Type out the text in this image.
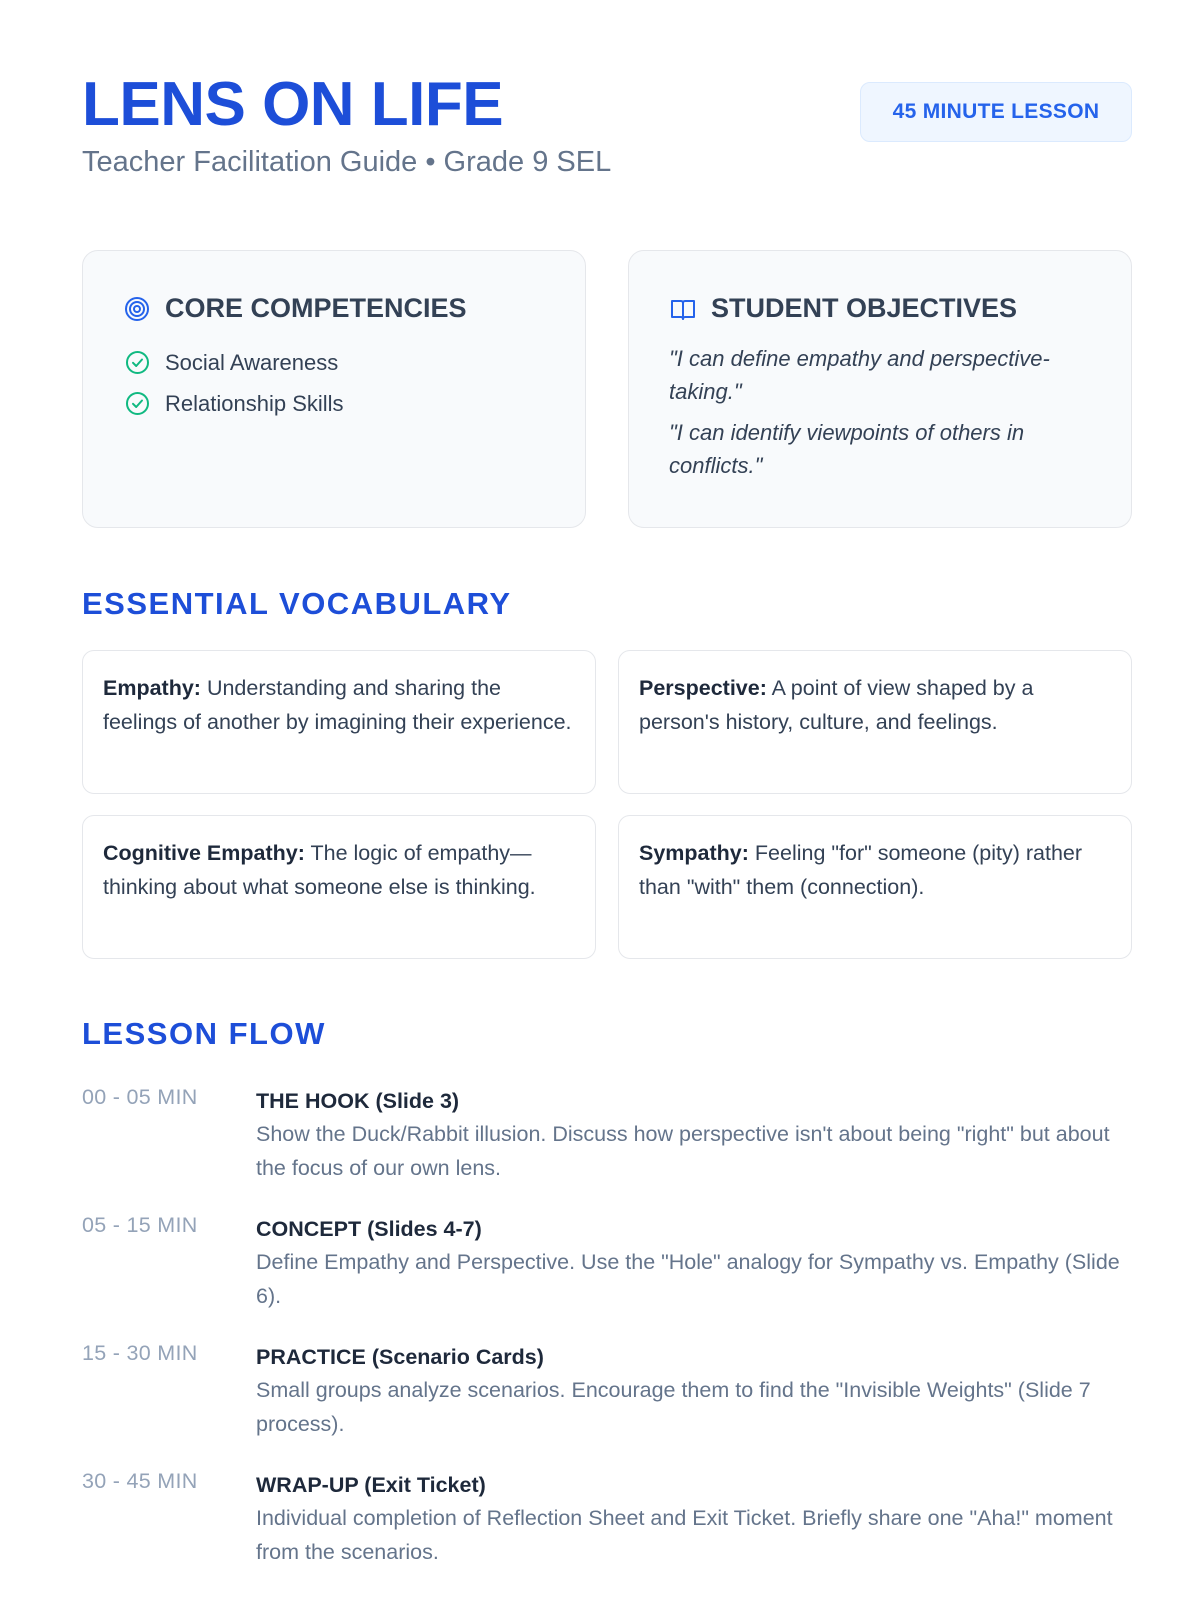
LENS ON LIFE
Teacher Facilitation Guide • Grade 9 SEL
45 MINUTE LESSON
CORE COMPETENCIES
Social Awareness
Relationship Skills
STUDENT OBJECTIVES

"I can define empathy and perspective-taking."

"I can identify viewpoints of others in conflicts."

ESSENTIAL VOCABULARY
Empathy: Understanding and sharing the feelings of another by imagining their experience.
Perspective: A point of view shaped by a person's history, culture, and feelings.
Cognitive Empathy: The logic of empathy—thinking about what someone else is thinking.
Sympathy: Feeling "for" someone (pity) rather than "with" them (connection).
LESSON FLOW
00 - 05 MIN	THE HOOK (Slide 3)
Show the Duck/Rabbit illusion. Discuss how perspective isn't about being "right" but about the focus of our own lens.
05 - 15 MIN	CONCEPT (Slides 4-7)
Define Empathy and Perspective. Use the "Hole" analogy for Sympathy vs. Empathy (Slide 6).
15 - 30 MIN	PRACTICE (Scenario Cards)
Small groups analyze scenarios. Encourage them to find the "Invisible Weights" (Slide 7 process).
30 - 45 MIN	WRAP-UP (Exit Ticket)
Individual completion of Reflection Sheet and Exit Ticket. Briefly share one "Aha!" moment from the scenarios.
